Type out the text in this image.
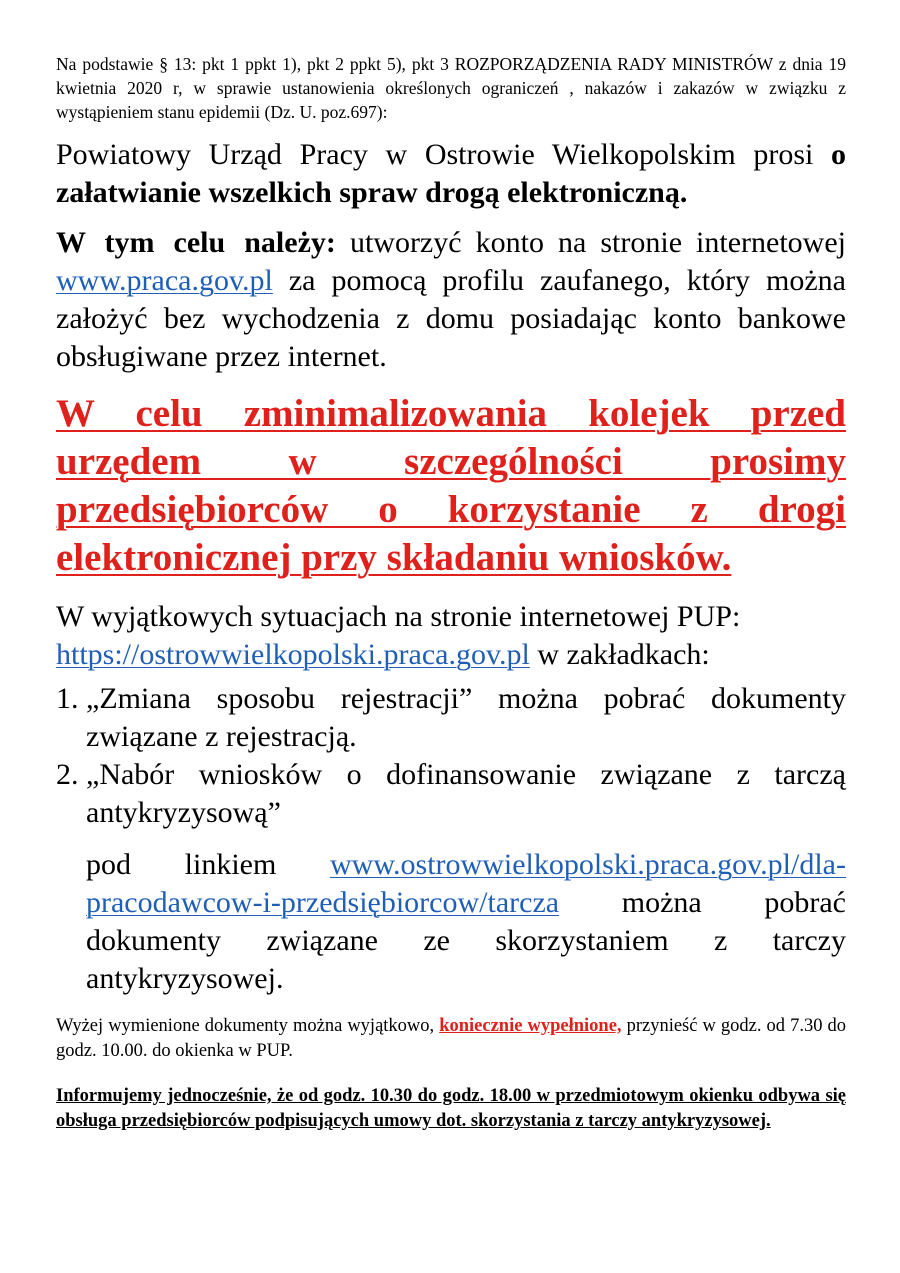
Na podstawie § 13: pkt 1 ppkt 1), pkt 2 ppkt 5), pkt 3 ROZPORZĄDZENIA RADY MINISTRÓW z dnia 19 kwietnia 2020 r, w sprawie ustanowienia określonych ograniczeń , nakazów i zakazów w związku z wystąpieniem stanu epidemii (Dz. U. poz.697):

Powiatowy Urząd Pracy w Ostrowie Wielkopolskim prosi o załatwianie wszelkich spraw drogą elektroniczną.

W tym celu należy: utworzyć konto na stronie internetowej www.praca.gov.pl za pomocą profilu zaufanego, który można założyć bez wychodzenia z domu posiadając konto bankowe obsługiwane przez internet.

W celu zminimalizowania kolejek przed urzędem w szczególności prosimy przedsiębiorców o korzystanie z drogi elektronicznej przy składaniu wniosków.

W wyjątkowych sytuacjach na stronie internetowej PUP: https://ostrowwielkopolski.praca.gov.pl w zakładkach:

1. „Zmiana sposobu rejestracji” można pobrać dokumenty związane z rejestracją.
2. „Nabór wniosków o dofinansowanie związane z tarczą antykryzysową”

pod linkiem www.ostrowwielkopolski.praca.gov.pl/dla-pracodawcow-i-przedsiębiorcow/tarcza można pobrać dokumenty związane ze skorzystaniem z tarczy antykryzysowej.

Wyżej wymienione dokumenty można wyjątkowo, koniecznie wypełnione, przynieść w godz. od 7.30 do godz. 10.00. do okienka w PUP.

Informujemy jednocześnie, że od godz. 10.30 do godz. 18.00 w przedmiotowym okienku odbywa się obsługa przedsiębiorców podpisujących umowy dot. skorzystania z tarczy antykryzysowej.
